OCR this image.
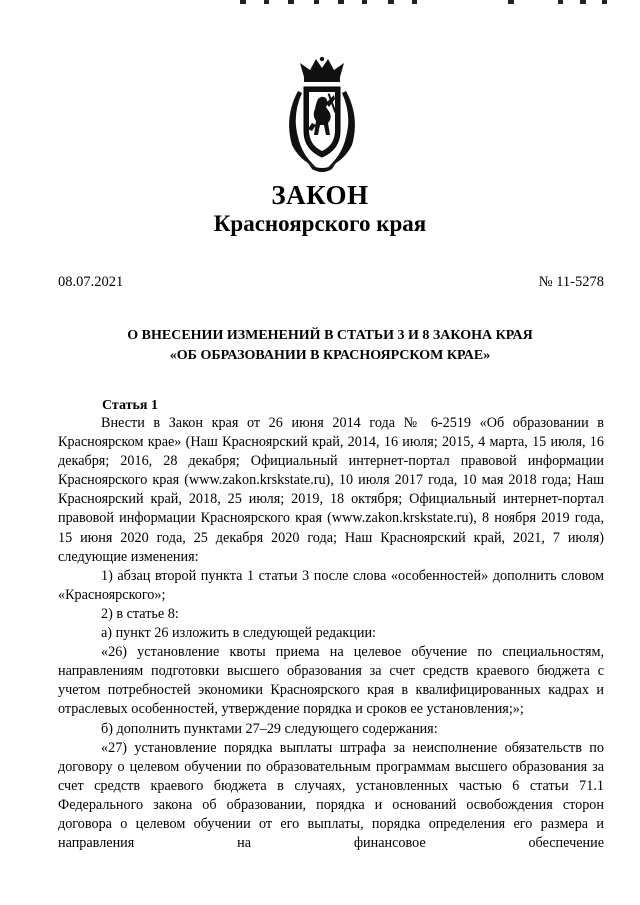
ЗАКОН
Красноярского края
08.07.2021	№ 11-5278
О ВНЕСЕНИИ ИЗМЕНЕНИЙ В СТАТЬИ 3 И 8 ЗАКОНА КРАЯ
«ОБ ОБРАЗОВАНИИ В КРАСНОЯРСКОМ КРАЕ»
Статья 1

Внести в Закон края от 26 июня 2014 года № 6-2519 «Об образовании в Красноярском крае» (Наш Красноярский край, 2014, 16 июля; 2015, 4 марта, 15 июля, 16 декабря; 2016, 28 декабря; Официальный интернет-портал правовой информации Красноярского края (www.zakon.krskstate.ru), 10 июля 2017 года, 10 мая 2018 года; Наш Красноярский край, 2018, 25 июля; 2019, 18 октября; Официальный интернет-портал правовой информации Красноярского края (www.zakon.krskstate.ru), 8 ноября 2019 года, 15 июня 2020 года, 25 декабря 2020 года; Наш Красноярский край, 2021, 7 июля) следующие изменения:

1) абзац второй пункта 1 статьи 3 после слова «особенностей» дополнить словом «Красноярского»;

2) в статье 8:

а) пункт 26 изложить в следующей редакции:

«26) установление квоты приема на целевое обучение по специальностям, направлениям подготовки высшего образования за счет средств краевого бюджета с учетом потребностей экономики Красноярского края в квалифицированных кадрах и отраслевых особенностей, утверждение порядка и сроков ее установления;»;

б) дополнить пунктами 27–29 следующего содержания:

«27) установление порядка выплаты штрафа за неисполнение обязательств по договору о целевом обучении по образовательным программам высшего образования за счет средств краевого бюджета в случаях, установленных частью 6 статьи 71.1 Федерального закона об образовании, порядка и оснований освобождения сторон договора о целевом обучении от его выплаты, порядка определения его размера и направления на финансовое обеспечение
